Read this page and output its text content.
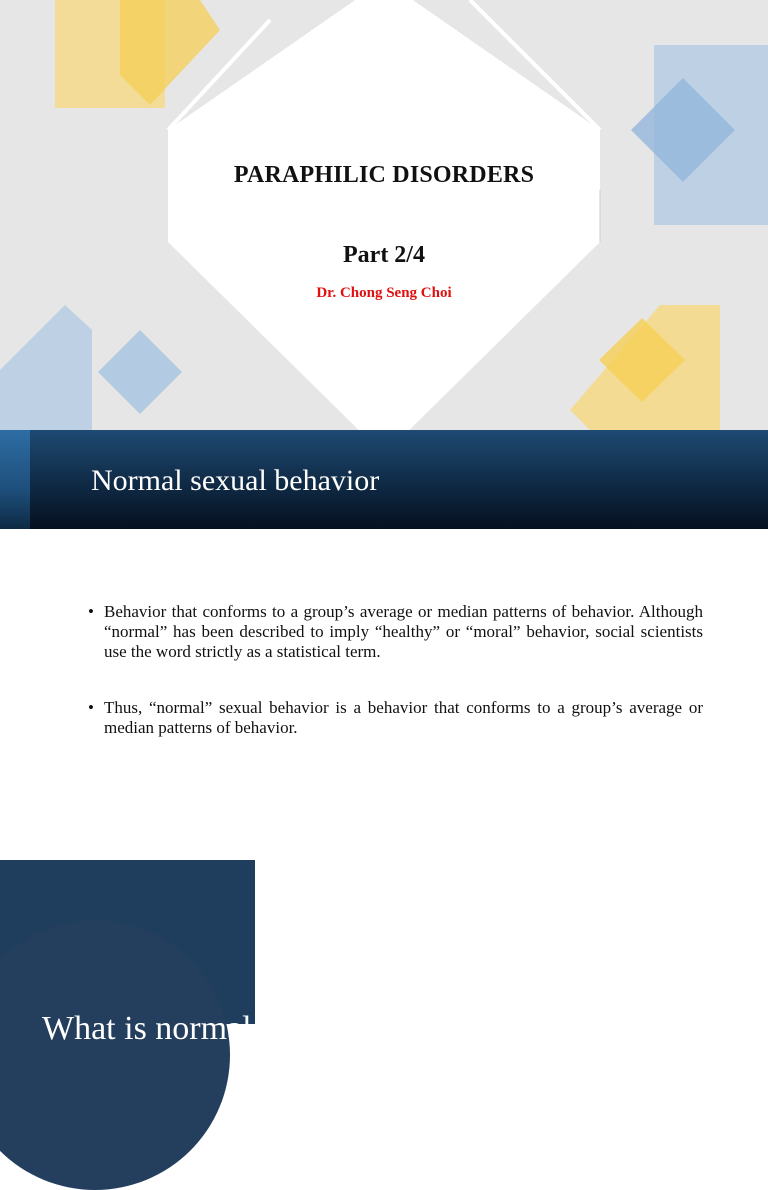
PARAPHILIC DISORDERS
Part 2/4
Dr. Chong Seng Choi
Normal sexual behavior
• Behavior that conforms to a group’s average or median patterns of behavior. Although “normal” has been described to imply “healthy” or “moral” behavior, social scientists use the word strictly as a statistical term.
• Thus, “normal” sexual behavior is a behavior that conforms to a group’s average or median patterns of behavior.
What is normal
